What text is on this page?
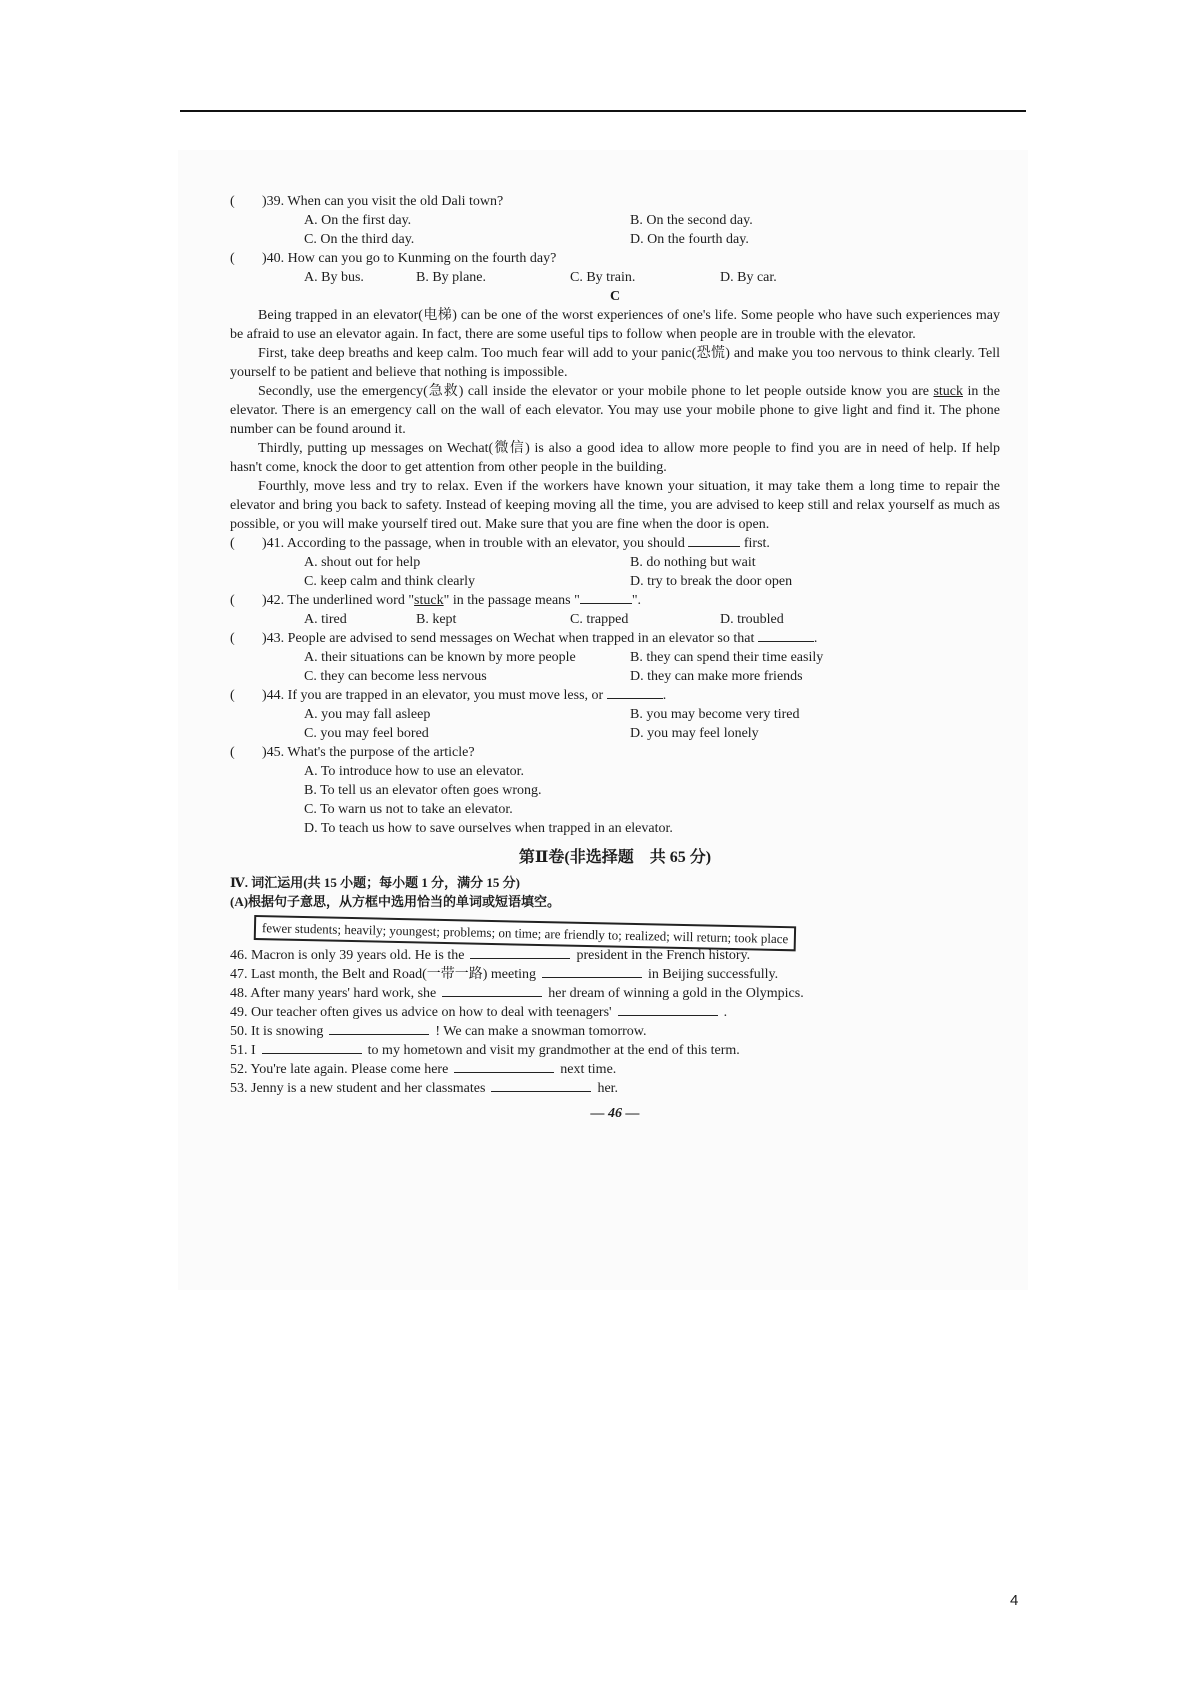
( )39. When can you visit the old Dali town?
A. On the first day.	B. On the second day.
C. On the third day.	D. On the fourth day.
( )40. How can you go to Kunming on the fourth day?
A. By bus.	B. By plane.	C. By train.	D. By car.
C

Being trapped in an elevator(电梯) can be one of the worst experiences of one's life. Some people who have such experiences may be afraid to use an elevator again. In fact, there are some useful tips to follow when people are in trouble with the elevator.

First, take deep breaths and keep calm. Too much fear will add to your panic(恐慌) and make you too nervous to think clearly. Tell yourself to be patient and believe that nothing is impossible.

Secondly, use the emergency(急救) call inside the elevator or your mobile phone to let people outside know you are stuck in the elevator. There is an emergency call on the wall of each elevator. You may use your mobile phone to give light and find it. The phone number can be found around it.

Thirdly, putting up messages on Wechat(微信) is also a good idea to allow more people to find you are in need of help. If help hasn't come, knock the door to get attention from other people in the building.

Fourthly, move less and try to relax. Even if the workers have known your situation, it may take them a long time to repair the elevator and bring you back to safety. Instead of keeping moving all the time, you are advised to keep still and relax yourself as much as possible, or you will make yourself tired out. Make sure that you are fine when the door is open.

( )41. According to the passage, when in trouble with an elevator, you should	first.
A. shout out for help	B. do nothing but wait
C. keep calm and think clearly	D. try to break the door open
( )42. The underlined word "stuck" in the passage means "	".
A. tired	B. kept	C. trapped	D. troubled
( )43. People are advised to send messages on Wechat when trapped in an elevator so that	.
A. their situations can be known by more people	B. they can spend their time easily
C. they can become less nervous	D. they can make more friends
( )44. If you are trapped in an elevator, you must move less, or	.
A. you may fall asleep	B. you may become very tired
C. you may feel bored	D. you may feel lonely
( )45. What's the purpose of the article?
A. To introduce how to use an elevator.
B. To tell us an elevator often goes wrong.
C. To warn us not to take an elevator.
D. To teach us how to save ourselves when trapped in an elevator.
第Ⅱ卷(非选择题　共 65 分)
Ⅳ. 词汇运用(共 15 小题；每小题 1 分，满分 15 分)
(A)根据句子意思，从方框中选用恰当的单词或短语填空。
fewer students; heavily; youngest; problems; on time; are friendly to; realized; will return; took place
46. Macron is only 39 years old. He is the	president in the French history.
47. Last month, the Belt and Road(一带一路) meeting	in Beijing successfully.
48. After many years' hard work, she	her dream of winning a gold in the Olympics.
49. Our teacher often gives us advice on how to deal with teenagers'	.
50. It is snowing	! We can make a snowman tomorrow.
51. I	to my hometown and visit my grandmother at the end of this term.
52. You're late again. Please come here	next time.
53. Jenny is a new student and her classmates	her.
— 46 —
4
